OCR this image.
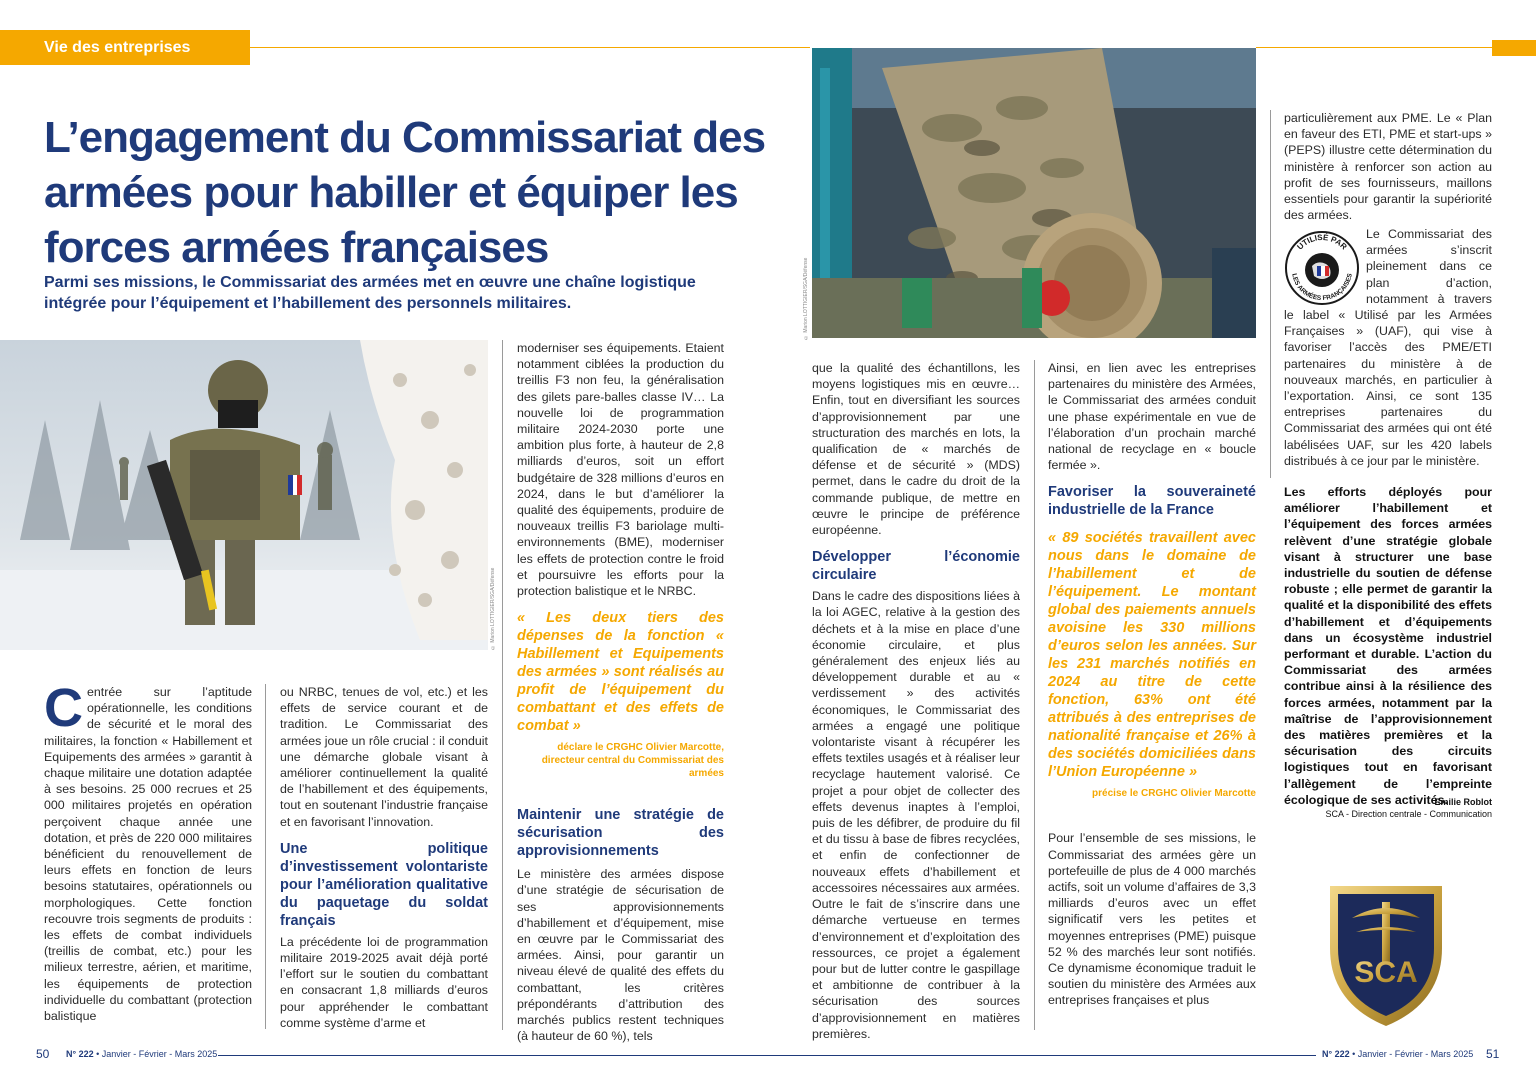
Vie des entreprises
L’engagement du Commissariat des armées pour habiller et équiper les forces armées françaises
Parmi ses missions, le Commissariat des armées met en œuvre une chaîne logistique intégrée pour l’équipement et l’habillement des personnels militaires.
© Marion LOTTIGIER/SGA/Défense
© Marion LOTTIGIER/SGA/Défense
C entrée sur l’aptitude opérationnelle, les conditions de sécurité et le moral des militaires, la fonction « Habillement et Equipements des armées » garantit à chaque militaire une dotation adaptée à ses besoins. 25 000 recrues et 25 000 militaires projetés en opération perçoivent chaque année une dotation, et près de 220 000 militaires bénéficient du renouvellement de leurs effets en fonction de leurs besoins statutaires, opérationnels ou morphologiques. Cette fonction recouvre trois segments de produits : les effets de combat individuels (treillis de combat, etc.) pour les milieux terrestre, aérien, et maritime, les équipements de protection individuelle du combattant (protection balistique

ou NRBC, tenues de vol, etc.) et les effets de service courant et de tradition. Le Commissariat des armées joue un rôle crucial : il conduit une démarche globale visant à améliorer continuellement la qualité de l’habillement et des équipements, tout en soutenant l’industrie française et en favorisant l’innovation.

Une politique d’investissement volontariste pour l’amélioration qualitative du paquetage du soldat français

La précédente loi de programmation militaire 2019-2025 avait déjà porté l’effort sur le soutien du combattant en consacrant 1,8 milliards d’euros pour appréhender le combattant comme système d’arme et

moderniser ses équipements. Etaient notamment ciblées la production du treillis F3 non feu, la généralisation des gilets pare-balles classe IV… La nouvelle loi de programmation militaire 2024-2030 porte une ambition plus forte, à hauteur de 2,8 milliards d’euros, soit un effort budgétaire de 328 millions d’euros en 2024, dans le but d’améliorer la qualité des équipements, produire de nouveaux treillis F3 bariolage multi-environnements (BME), moderniser les effets de protection contre le froid et poursuivre les efforts pour la protection balistique et le NRBC.

« Les deux tiers des dépenses de la fonction « Habillement et Equipements des armées » sont réalisés au profit de l’équipement du combattant et des effets de combat »

déclare le CRGHC Olivier Marcotte,

directeur central du Commissariat des armées

Maintenir une stratégie de sécurisation des approvisionnements

Le ministère des armées dispose d’une stratégie de sécurisation de ses approvisionnements d’habillement et d’équipement, mise en œuvre par le Commissariat des armées. Ainsi, pour garantir un niveau élevé de qualité des effets du combattant, les critères prépondérants d’attribution des marchés publics restent techniques (à hauteur de 60 %), tels

que la qualité des échantillons, les moyens logistiques mis en œuvre… Enfin, tout en diversifiant les sources d’approvisionnement par une structuration des marchés en lots, la qualification de « marchés de défense et de sécurité » (MDS) permet, dans le cadre du droit de la commande publique, de mettre en œuvre le principe de préférence européenne.

Développer l’économie circulaire

Dans le cadre des dispositions liées à la loi AGEC, relative à la gestion des déchets et à la mise en place d’une économie circulaire, et plus généralement des enjeux liés au développement durable et au « verdissement » des activités économiques, le Commissariat des armées a engagé une politique volontariste visant à récupérer les effets textiles usagés et à réaliser leur recyclage hautement valorisé. Ce projet a pour objet de collecter des effets devenus inaptes à l’emploi, puis de les défibrer, de produire du fil et du tissu à base de fibres recyclées, et enfin de confectionner de nouveaux effets d’habillement et accessoires nécessaires aux armées. Outre le fait de s’inscrire dans une démarche vertueuse en termes d’environnement et d’exploitation des ressources, ce projet a également pour but de lutter contre le gaspillage et ambitionne de contribuer à la sécurisation des sources d’approvisionnement en matières premières.

Ainsi, en lien avec les entreprises partenaires du ministère des Armées, le Commissariat des armées conduit une phase expérimentale en vue de l’élaboration d’un prochain marché national de recyclage en « boucle fermée ».

Favoriser la souveraineté industrielle de la France

« 89 sociétés travaillent avec nous dans le domaine de l’habillement et de l’équipement. Le montant global des paiements annuels avoisine les 330 millions d’euros selon les années. Sur les 231 marchés notifiés en 2024 au titre de cette fonction, 63% ont été attribués à des entreprises de nationalité française et 26% à des sociétés domiciliées dans l’Union Européenne »

précise le CRGHC Olivier Marcotte

Pour l’ensemble de ses missions, le Commissariat des armées gère un portefeuille de plus de 4 000 marchés actifs, soit un volume d’affaires de 3,3 milliards d’euros avec un effet significatif vers les petites et moyennes entreprises (PME) puisque 52 % des marchés leur sont notifiés. Ce dynamisme économique traduit le soutien du ministère des Armées aux entreprises françaises et plus

UTILISÉ PAR
LES ARMÉES FRANÇAISES

particulièrement aux PME. Le « Plan en faveur des ETI, PME et start-ups » (PEPS) illustre cette détermination du ministère à renforcer son action au profit de ses fournisseurs, maillons essentiels pour garantir la supériorité des armées.

Le Commissariat des armées s’inscrit pleinement dans ce plan d’action, notamment à travers le label « Utilisé par les Armées Françaises » (UAF), qui vise à favoriser l’accès des PME/ETI partenaires du ministère à de nouveaux marchés, en particulier à l’exportation. Ainsi, ce sont 135 entreprises partenaires du Commissariat des armées qui ont été labélisées UAF, sur les 420 labels distribués à ce jour par le ministère.

Les efforts déployés pour améliorer l’habillement et l’équipement des forces armées relèvent d’une stratégie globale visant à structurer une base industrielle du soutien de défense robuste ; elle permet de garantir la qualité et la disponibilité des effets d’habillement et d’équipements dans un écosystème industriel performant et durable. L’action du Commissariat des armées contribue ainsi à la résilience des forces armées, notamment par la maîtrise de l’approvisionnement des matières premières et la sécurisation des circuits logistiques tout en favorisant l’allègement de l’empreinte écologique de ses activités.
Emilie Roblot
SCA - Direction centrale - Communication
SCA
50 N° 222 • Janvier - Février - Mars 2025	N° 222 • Janvier - Février - Mars 2025 51
